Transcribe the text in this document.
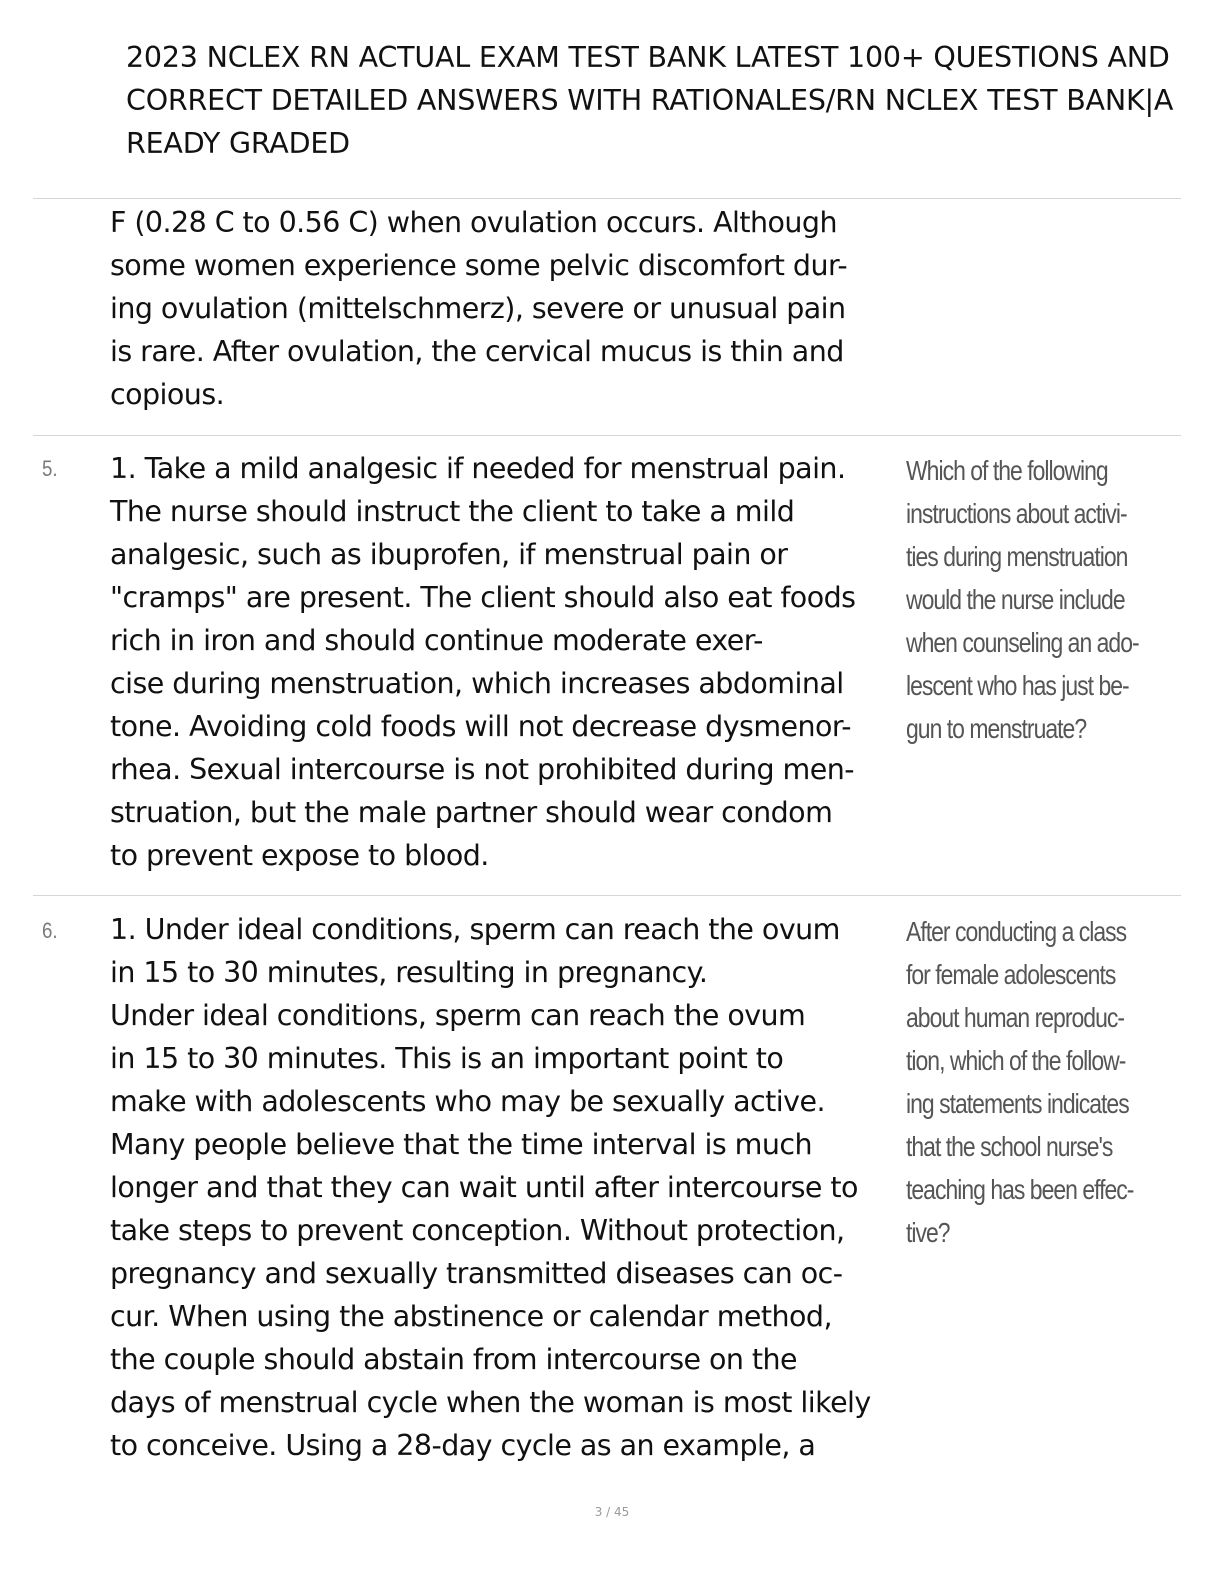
2023 NCLEX RN ACTUAL EXAM TEST BANK LATEST 100+ QUESTIONS AND CORRECT DETAILED ANSWERS WITH RATIONALES/RN NCLEX TEST BANK|A READY GRADED
F (0.28 C to 0.56 C) when ovulation occurs. Although
some women experience some pelvic discomfort dur-
ing ovulation (mittelschmerz), severe or unusual pain
is rare. After ovulation, the cervical mucus is thin and
copious.
5. 1. Take a mild analgesic if needed for menstrual pain.
The nurse should instruct the client to take a mild
analgesic, such as ibuprofen, if menstrual pain or
"cramps" are present. The client should also eat foods
rich in iron and should continue moderate exer-
cise during menstruation, which increases abdominal
tone. Avoiding cold foods will not decrease dysmenor-
rhea. Sexual intercourse is not prohibited during men-
struation, but the male partner should wear condom
to prevent expose to blood.
Which of the following
instructions about activi-
ties during menstruation
would the nurse include
when counseling an ado-
lescent who has just be-
gun to menstruate?
6. 1. Under ideal conditions, sperm can reach the ovum
in 15 to 30 minutes, resulting in pregnancy.
Under ideal conditions, sperm can reach the ovum
in 15 to 30 minutes. This is an important point to
make with adolescents who may be sexually active.
Many people believe that the time interval is much
longer and that they can wait until after intercourse to
take steps to prevent conception. Without protection,
pregnancy and sexually transmitted diseases can oc-
cur. When using the abstinence or calendar method,
the couple should abstain from intercourse on the
days of menstrual cycle when the woman is most likely
to conceive. Using a 28-day cycle as an example, a
After conducting a class
for female adolescents
about human reproduc-
tion, which of the follow-
ing statements indicates
that the school nurse's
teaching has been effec-
tive?
3 / 45
